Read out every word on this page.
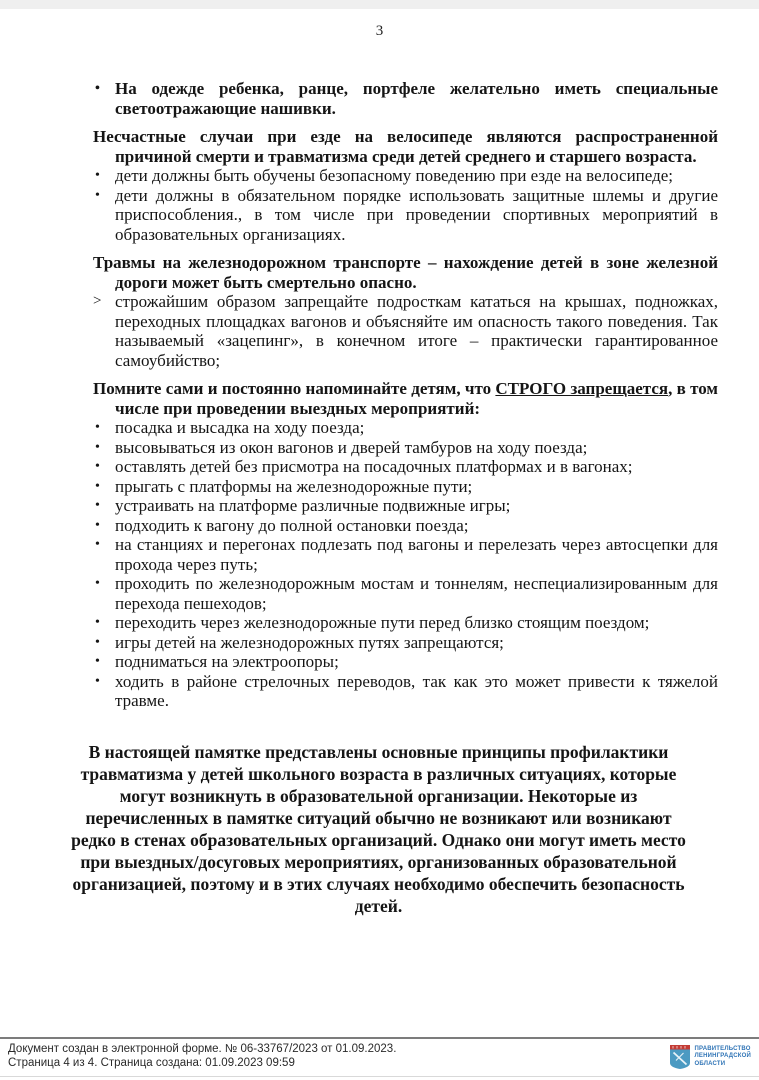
3
• На одежде ребенка, ранце, портфеле желательно иметь специальные светоотражающие нашивки.

Несчастные случаи при езде на велосипеде являются распространенной причиной смерти и травматизма среди детей среднего и старшего возраста.

• дети должны быть обучены безопасному поведению при езде на велосипеде;
• дети должны в обязательном порядке использовать защитные шлемы и другие приспособления., в том числе при проведении спортивных мероприятий в образовательных организациях.

Травмы на железнодорожном транспорте – нахождение детей в зоне железной дороги может быть смертельно опасно.

> строжайшим образом запрещайте подросткам кататься на крышах, подножках, переходных площадках вагонов и объясняйте им опасность такого поведения. Так называемый «зацепинг», в конечном итоге – практически гарантированное самоубийство;

Помните сами и постоянно напоминайте детям, что СТРОГО запрещается, в том числе при проведении выездных мероприятий:

• посадка и высадка на ходу поезда;
• высовываться из окон вагонов и дверей тамбуров на ходу поезда;
• оставлять детей без присмотра на посадочных платформах и в вагонах;
• прыгать с платформы на железнодорожные пути;
• устраивать на платформе различные подвижные игры;
• подходить к вагону до полной остановки поезда;
• на станциях и перегонах подлезать под вагоны и перелезать через автосцепки для прохода через путь;
• проходить по железнодорожным мостам и тоннелям, неспециализированным для перехода пешеходов;
• переходить через железнодорожные пути перед близко стоящим поездом;
• игры детей на железнодорожных путях запрещаются;
• подниматься на электроопоры;
• ходить в районе стрелочных переводов, так как это может привести к тяжелой травме.

В настоящей памятке представлены основные принципы профилактики травматизма у детей школьного возраста в различных ситуациях, которые могут возникнуть в образовательной организации. Некоторые из перечисленных в памятке ситуаций обычно не возникают или возникают редко в стенах образовательных организаций. Однако они могут иметь место при выездных/досуговых мероприятиях, организованных образовательной организацией, поэтому и в этих случаях необходимо обеспечить безопасность детей.

Документ создан в электронной форме. № 06-33767/2023 от 01.09.2023.
Страница 4 из 4. Страница создана: 01.09.2023 09:59
ПРАВИТЕЛЬСТВО
ЛЕНИНГРАДСКОЙ
ОБЛАСТИ
